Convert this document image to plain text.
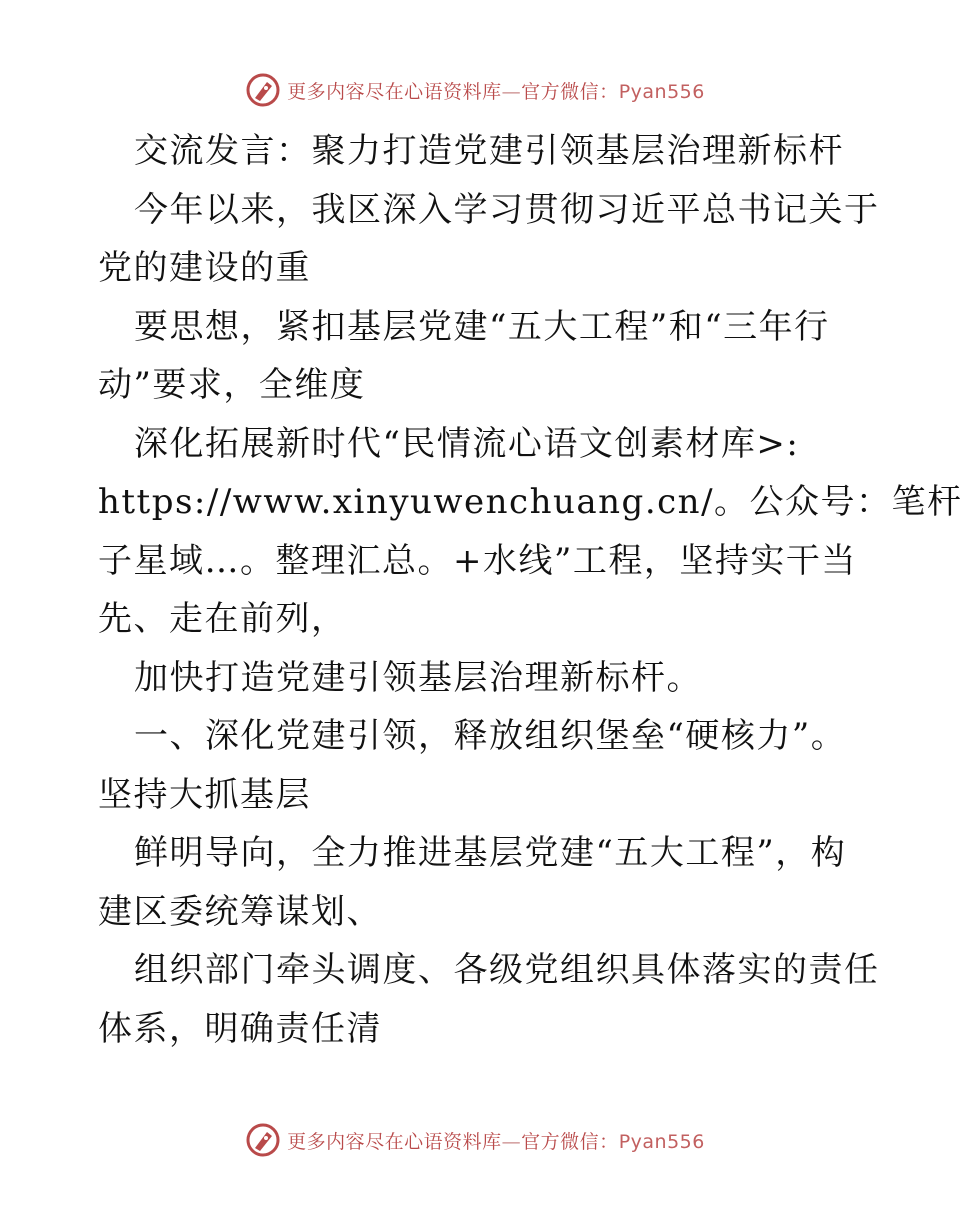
更多内容尽在心语资料库—官方微信：Pyan556
交流发言：聚力打造党建引领基层治理新标杆
今年以来，我区深入学习贯彻习近平总书记关于
党的建设的重
要思想，紧扣基层党建“五大工程”和“三年行
动”要求，全维度
深化拓展新时代“民情流心语文创素材库>:
https://www.xinyuwenchuang.cn/。公众号：笔杆
子星域…。整理汇总。+水线”工程，坚持实干当
先、走在前列，
加快打造党建引领基层治理新标杆。
一、深化党建引领，释放组织堡垒“硬核力”。
坚持大抓基层
鲜明导向，全力推进基层党建“五大工程”，构
建区委统筹谋划、
组织部门牵头调度、各级党组织具体落实的责任
体系，明确责任清
更多内容尽在心语资料库—官方微信：Pyan556
